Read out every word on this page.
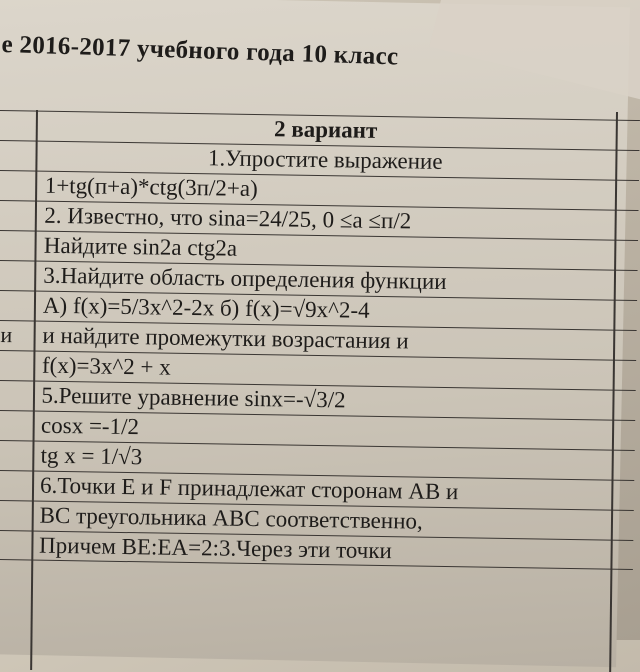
е 2016-2017 учебного года 10 класс
2 вариант
1.Упростите выражение
1+tg(п+a)*ctg(3п/2+a)
2. Известно, что sina=24/25, 0 ≤a ≤п/2
Найдите sin2a ctg2a
3.Найдите область определения функции
А) f(x)=5/3x^2-2x б) f(x)=√9x^2-4
и и найдите промежутки возрастания и
f(x)=3x^2 + x
5.Решите уравнение sinx=-√3/2
cosx =-1/2
tg x = 1/√3
6.Точки E и F принадлежат сторонам AB и
BC треугольника ABC соответственно,
Причем BE:EA=2:3.Через эти точки
